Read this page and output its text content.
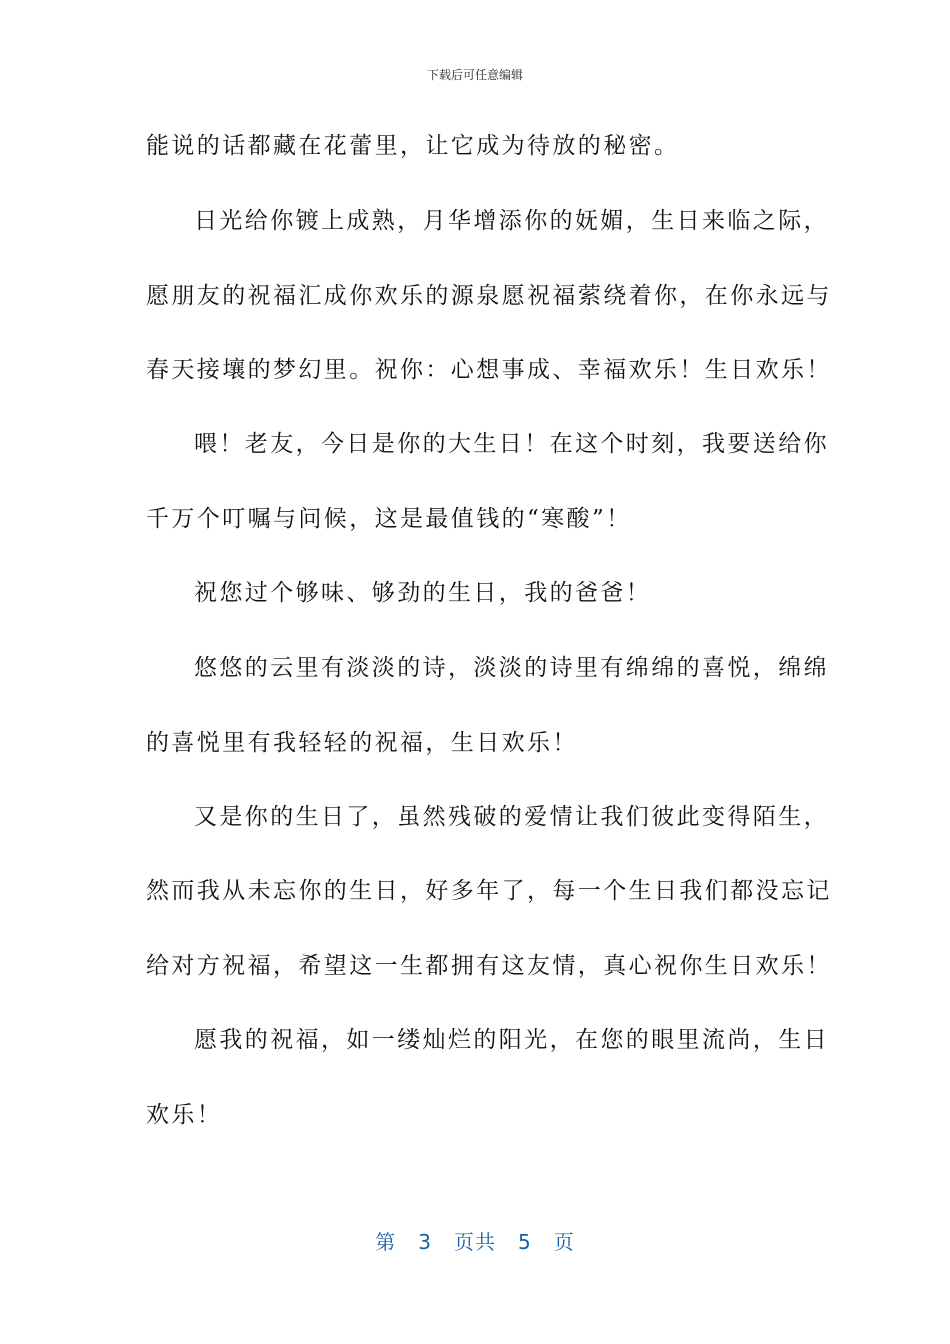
下载后可任意编辑
能说的话都藏在花蕾里，让它成为待放的秘密。
日光给你镀上成熟，月华增添你的妩媚，生日来临之际，
愿朋友的祝福汇成你欢乐的源泉愿祝福萦绕着你，在你永远与
春天接壤的梦幻里。祝你：心想事成、幸福欢乐！生日欢乐！
喂！老友，今日是你的大生日！在这个时刻，我要送给你
千万个叮嘱与问候，这是最值钱的“寒酸”！
祝您过个够味、够劲的生日，我的爸爸！
悠悠的云里有淡淡的诗，淡淡的诗里有绵绵的喜悦，绵绵
的喜悦里有我轻轻的祝福，生日欢乐！
又是你的生日了，虽然残破的爱情让我们彼此变得陌生，
然而我从未忘你的生日，好多年了，每一个生日我们都没忘记
给对方祝福，希望这一生都拥有这友情，真心祝你生日欢乐！
愿我的祝福，如一缕灿烂的阳光，在您的眼里流尚，生日
欢乐！
第 3 页共 5 页
